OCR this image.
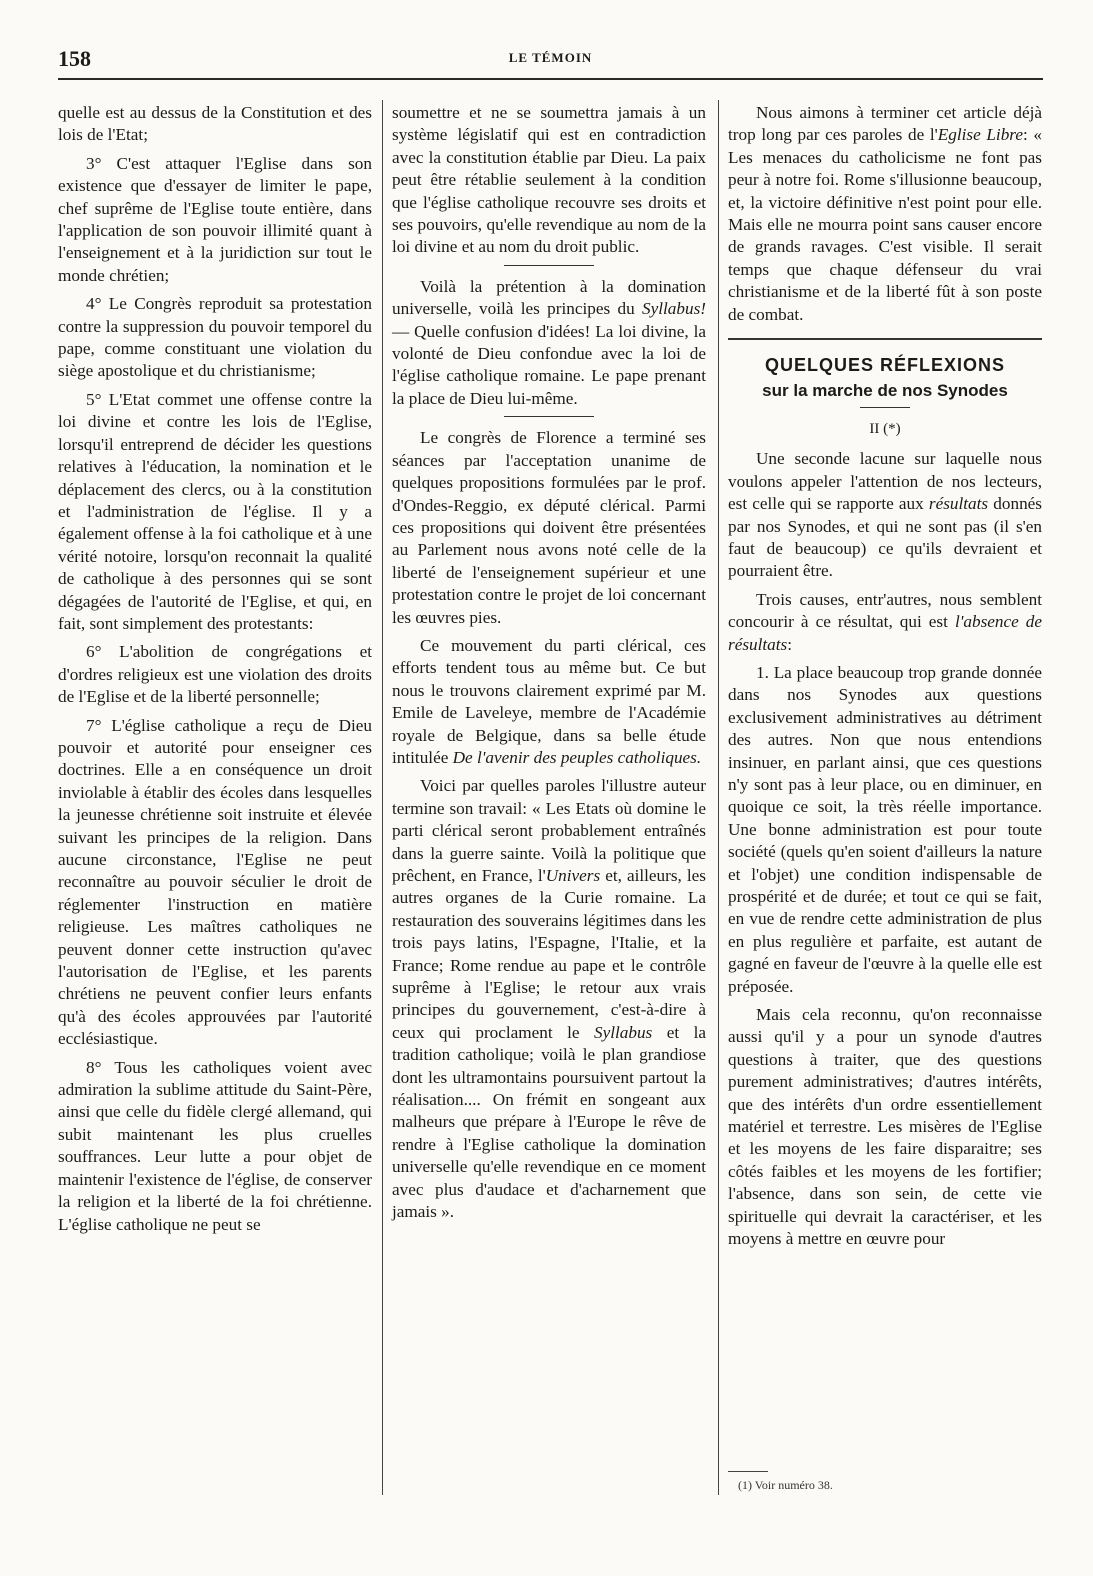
158	LE TÉMOIN

quelle est au dessus de la Constitution et des lois de l'Etat;

3° C'est attaquer l'Eglise dans son existence que d'essayer de limiter le pape, chef suprême de l'Eglise toute entière, dans l'application de son pouvoir illimité quant à l'enseignement et à la juridiction sur tout le monde chrétien;

4° Le Congrès reproduit sa protestation contre la suppression du pouvoir temporel du pape, comme constituant une violation du siège apostolique et du christianisme;

5° L'Etat commet une offense contre la loi divine et contre les lois de l'Eglise, lorsqu'il entreprend de décider les questions relatives à l'éducation, la nomination et le déplacement des clercs, ou à la constitution et l'administration de l'église. Il y a également offense à la foi catholique et à une vérité notoire, lorsqu'on reconnait la qualité de catholique à des personnes qui se sont dégagées de l'autorité de l'Eglise, et qui, en fait, sont simplement des protestants:

6° L'abolition de congrégations et d'ordres religieux est une violation des droits de l'Eglise et de la liberté personnelle;

7° L'église catholique a reçu de Dieu pouvoir et autorité pour enseigner ces doctrines. Elle a en conséquence un droit inviolable à établir des écoles dans lesquelles la jeunesse chrétienne soit instruite et élevée suivant les principes de la religion. Dans aucune circonstance, l'Eglise ne peut reconnaître au pouvoir séculier le droit de réglementer l'instruction en matière religieuse. Les maîtres catholiques ne peuvent donner cette instruction qu'avec l'autorisation de l'Eglise, et les parents chrétiens ne peuvent confier leurs enfants qu'à des écoles approuvées par l'autorité ecclésiastique.

8° Tous les catholiques voient avec admiration la sublime attitude du Saint-Père, ainsi que celle du fidèle clergé allemand, qui subit maintenant les plus cruelles souffrances. Leur lutte a pour objet de maintenir l'existence de l'église, de conserver la religion et la liberté de la foi chrétienne. L'église catholique ne peut se

soumettre et ne se soumettra jamais à un système législatif qui est en contradiction avec la constitution établie par Dieu. La paix peut être rétablie seulement à la condition que l'église catholique recouvre ses droits et ses pouvoirs, qu'elle revendique au nom de la loi divine et au nom du droit public.

Voilà la prétention à la domination universelle, voilà les principes du Syllabus! — Quelle confusion d'idées! La loi divine, la volonté de Dieu confondue avec la loi de l'église catholique romaine. Le pape prenant la place de Dieu lui-même.

Le congrès de Florence a terminé ses séances par l'acceptation unanime de quelques propositions formulées par le prof. d'Ondes-Reggio, ex député clérical. Parmi ces propositions qui doivent être présentées au Parlement nous avons noté celle de la liberté de l'enseignement supérieur et une protestation contre le projet de loi concernant les œuvres pies.

Ce mouvement du parti clérical, ces efforts tendent tous au même but. Ce but nous le trouvons clairement exprimé par M. Emile de Laveleye, membre de l'Académie royale de Belgique, dans sa belle étude intitulée De l'avenir des peuples catholiques.

Voici par quelles paroles l'illustre auteur termine son travail: « Les Etats où domine le parti clérical seront probablement entraînés dans la guerre sainte. Voilà la politique que prêchent, en France, l'Univers et, ailleurs, les autres organes de la Curie romaine. La restauration des souverains légitimes dans les trois pays latins, l'Espagne, l'Italie, et la France; Rome rendue au pape et le contrôle suprême à l'Eglise; le retour aux vrais principes du gouvernement, c'est-à-dire à ceux qui proclament le Syllabus et la tradition catholique; voilà le plan grandiose dont les ultramontains poursuivent partout la réalisation.... On frémit en songeant aux malheurs que prépare à l'Europe le rêve de rendre à l'Eglise catholique la domination universelle qu'elle revendique en ce moment avec plus d'audace et d'acharnement que jamais ».

Nous aimons à terminer cet article déjà trop long par ces paroles de l'Eglise Libre: « Les menaces du catholicisme ne font pas peur à notre foi. Rome s'illusionne beaucoup, et, la victoire définitive n'est point pour elle. Mais elle ne mourra point sans causer encore de grands ravages. C'est visible. Il serait temps que chaque défenseur du vrai christianisme et de la liberté fût à son poste de combat.

QUELQUES RÉFLEXIONS
sur la marche de nos Synodes
II (*)

Une seconde lacune sur laquelle nous voulons appeler l'attention de nos lecteurs, est celle qui se rapporte aux résultats donnés par nos Synodes, et qui ne sont pas (il s'en faut de beaucoup) ce qu'ils devraient et pourraient être.

Trois causes, entr'autres, nous semblent concourir à ce résultat, qui est l'absence de résultats:

1. La place beaucoup trop grande donnée dans nos Synodes aux questions exclusivement administratives au détriment des autres. Non que nous entendions insinuer, en parlant ainsi, que ces questions n'y sont pas à leur place, ou en diminuer, en quoique ce soit, la très réelle importance. Une bonne administration est pour toute société (quels qu'en soient d'ailleurs la nature et l'objet) une condition indispensable de prospérité et de durée; et tout ce qui se fait, en vue de rendre cette administration de plus en plus regulière et parfaite, est autant de gagné en faveur de l'œuvre à la quelle elle est préposée.

Mais cela reconnu, qu'on reconnaisse aussi qu'il y a pour un synode d'autres questions à traiter, que des questions purement administratives; d'autres intérêts, que des intérêts d'un ordre essentiellement matériel et terrestre. Les misères de l'Eglise et les moyens de les faire disparaitre; ses côtés faibles et les moyens de les fortifier; l'absence, dans son sein, de cette vie spirituelle qui devrait la caractériser, et les moyens à mettre en œuvre pour

(1) Voir numéro 38.
